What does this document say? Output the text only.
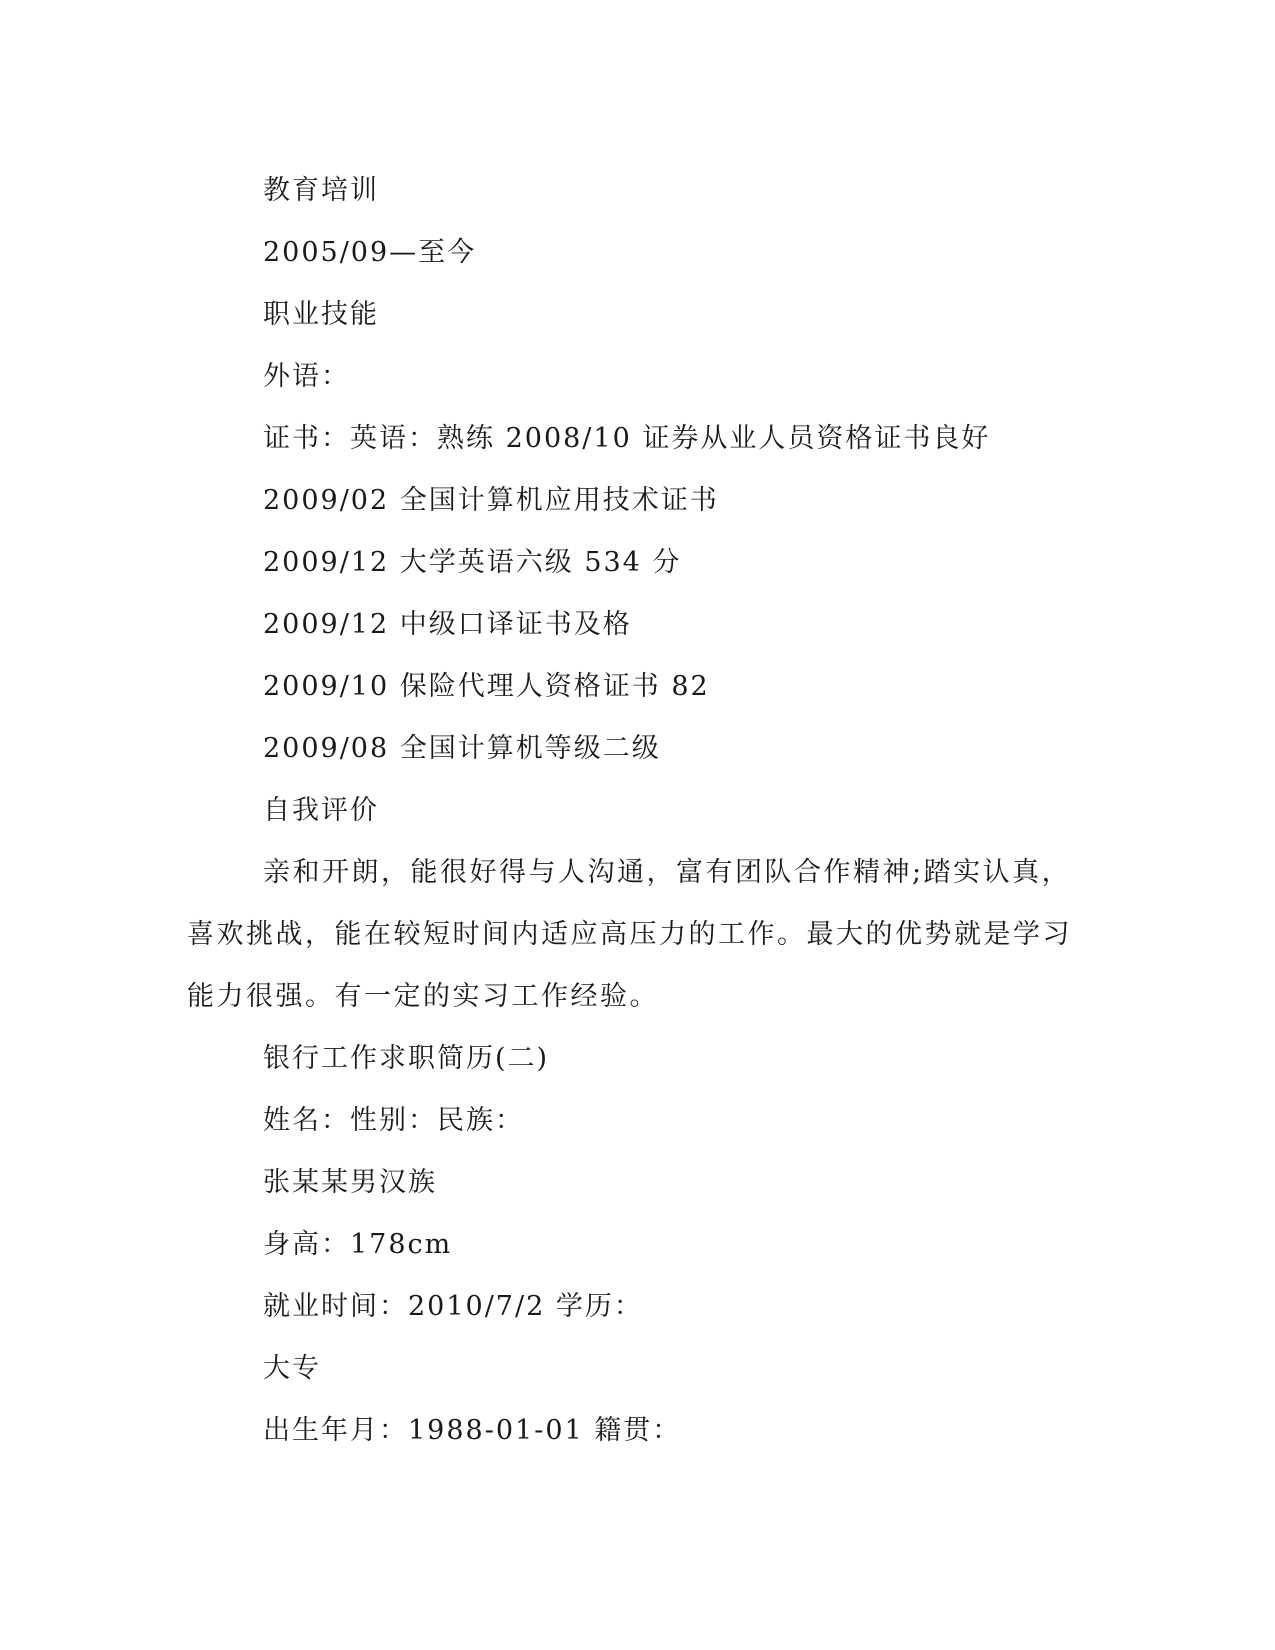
教育培训

2005/09—至今

职业技能

外语：

证书：英语：熟练 2008/10 证券从业人员资格证书良好

2009/02 全国计算机应用技术证书

2009/12 大学英语六级 534 分

2009/12 中级口译证书及格

2009/10 保险代理人资格证书 82

2009/08 全国计算机等级二级

自我评价

亲和开朗，能很好得与人沟通，富有团队合作精神;踏实认真，喜欢挑战，能在较短时间内适应高压力的工作。最大的优势就是学习能力很强。有一定的实习工作经验。

银行工作求职简历(二)

姓名：性别：民族：

张某某男汉族

身高：178cm

就业时间：2010/7/2 学历：

大专

出生年月：1988-01-01 籍贯：
